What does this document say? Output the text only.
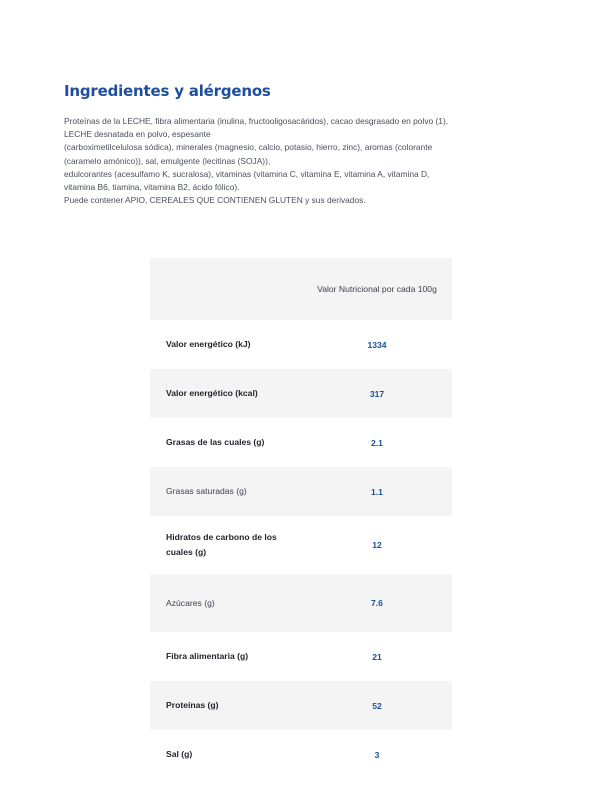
Ingredientes y alérgenos
Proteínas de la LECHE, fibra alimentaria (inulina, fructooligosacáridos), cacao desgrasado en polvo (1),
LECHE desnatada en polvo, espesante
(carboximetilcelulosa sódica), minerales (magnesio, calcio, potasio, hierro, zinc), aromas (colorante
(caramelo amónico)), sal, emulgente (lecitinas (SOJA)),
edulcorantes (acesulfamo K, sucralosa), vitaminas (vitamina C, vitamina E, vitamina A, vitamina D,
vitamina B6, tiamina, vitamina B2, ácido fólico).
Puede contener APIO, CEREALES QUE CONTIENEN GLUTEN y sus derivados.
	Valor Nutricional por cada 100g
Valor energético (kJ)	1334
Valor energético (kcal)	317
Grasas de las cuales (g)	2.1
Grasas saturadas (g)	1.1
Hidratos de carbono de los cuales (g)	12
Azúcares (g)	7.6
Fibra alimentaria (g)	21
Proteínas (g)	52
Sal (g)	3
